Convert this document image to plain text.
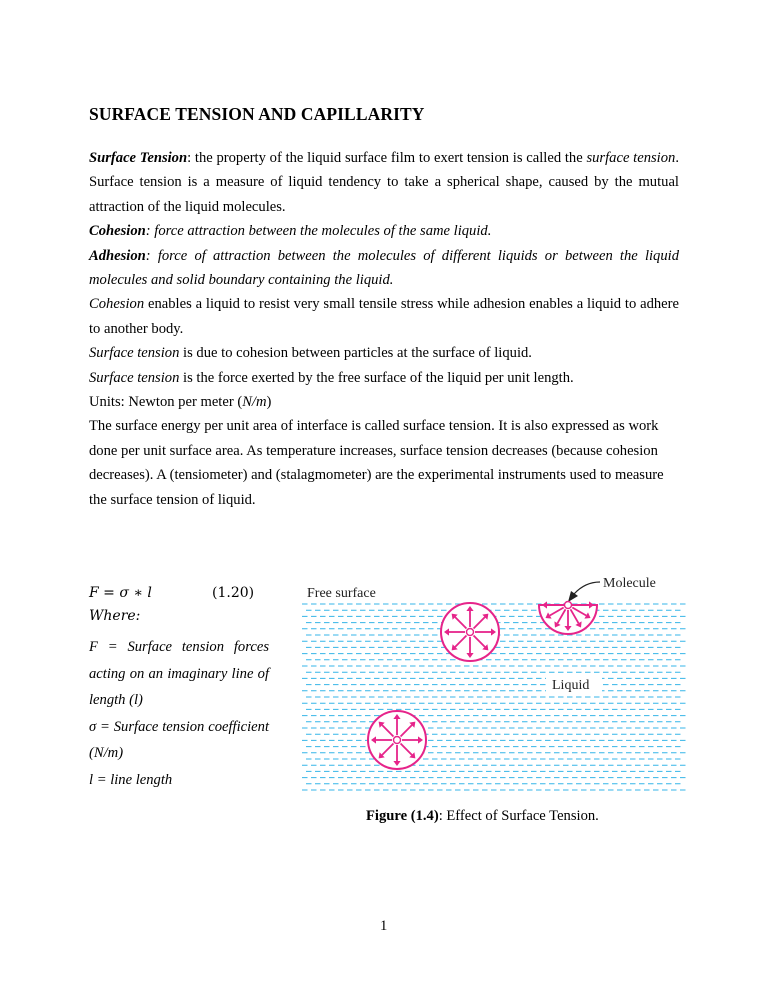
SURFACE TENSION AND CAPILLARITY

Surface Tension: the property of the liquid surface film to exert tension is called the surface tension. Surface tension is a measure of liquid tendency to take a spherical shape, caused by the mutual attraction of the liquid molecules.

Cohesion: force attraction between the molecules of the same liquid.

Adhesion: force of attraction between the molecules of different liquids or between the liquid molecules and solid boundary containing the liquid.

Cohesion enables a liquid to resist very small tensile stress while adhesion enables a liquid to adhere to another body.

Surface tension is due to cohesion between particles at the surface of liquid.

Surface tension is the force exerted by the free surface of the liquid per unit length.

Units: Newton per meter (N/m)

The surface energy per unit area of interface is called surface tension. It is also expressed as work done per unit surface area. As temperature increases, surface tension decreases (because cohesion decreases). A (tensiometer) and (stalagmometer) are the experimental instruments used to measure the surface tension of liquid.

F = σ ∗ l	(1.20)
Where:
F = Surface tension forces acting on an imaginary line of length (l)
σ = Surface tension coefficient (N/m)
l = line length
Free surface
Molecule
Liquid
Figure (1.4): Effect of Surface Tension.
1
